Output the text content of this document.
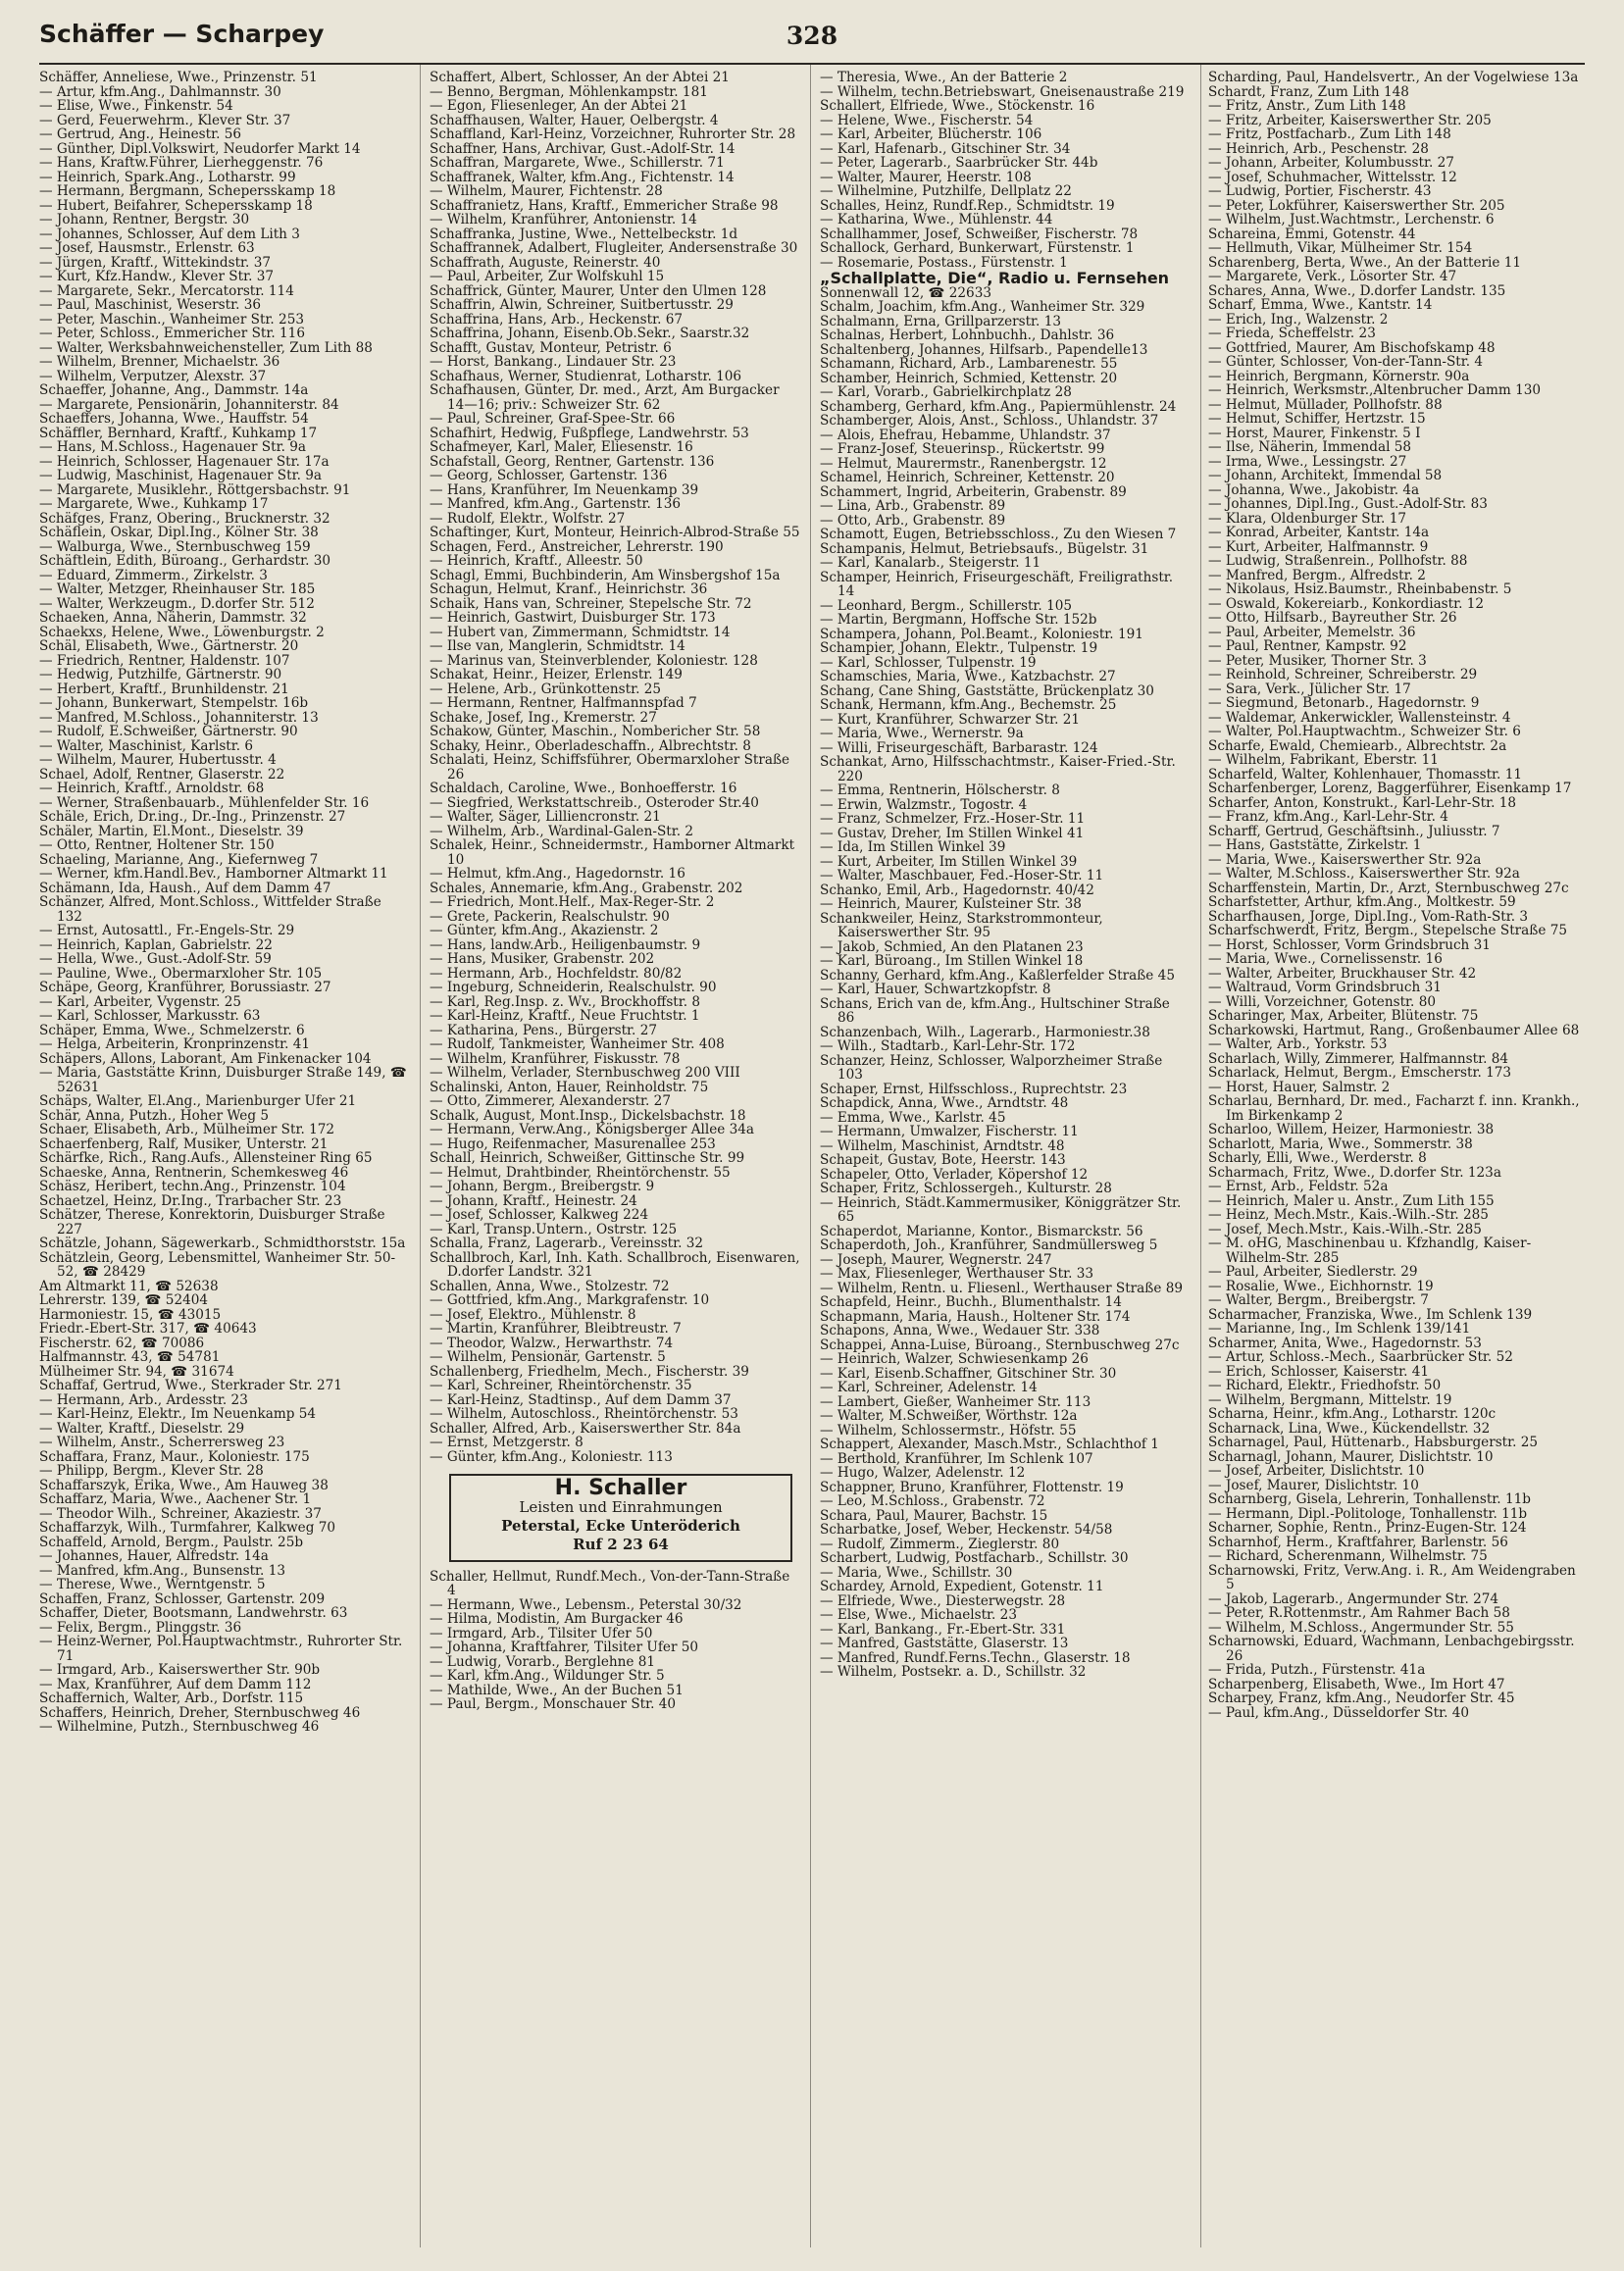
Schäffer — Scharpey	328

Schäffer, Anneliese, Wwe., Prinzenstr. 51

— Artur, kfm.Ang., Dahlmannstr. 30

— Elise, Wwe., Finkenstr. 54

— Gerd, Feuerwehrm., Klever Str. 37

— Gertrud, Ang., Heinestr. 56

— Günther, Dipl.Volkswirt, Neudorfer Markt 14

— Hans, Kraftw.Führer, Lierheggenstr. 76

— Heinrich, Spark.Ang., Lotharstr. 99

— Hermann, Bergmann, Schepersskamp 18

— Hubert, Beifahrer, Schepersskamp 18

— Johann, Rentner, Bergstr. 30

— Johannes, Schlosser, Auf dem Lith 3

— Josef, Hausmstr., Erlenstr. 63

— Jürgen, Kraftf., Wittekindstr. 37

— Kurt, Kfz.Handw., Klever Str. 37

— Margarete, Sekr., Mercatorstr. 114

— Paul, Maschinist, Weserstr. 36

— Peter, Maschin., Wanheimer Str. 253

— Peter, Schloss., Emmericher Str. 116

— Walter, Werksbahnweichensteller, Zum Lith 88

— Wilhelm, Brenner, Michaelstr. 36

— Wilhelm, Verputzer, Alexstr. 37

Schaeffer, Johanne, Ang., Dammstr. 14a

— Margarete, Pensionärin, Johanniterstr. 84

Schaeffers, Johanna, Wwe., Hauffstr. 54

Schäffler, Bernhard, Kraftf., Kuhkamp 17

— Hans, M.Schloss., Hagenauer Str. 9a

— Heinrich, Schlosser, Hagenauer Str. 17a

— Ludwig, Maschinist, Hagenauer Str. 9a

— Margarete, Musiklehr., Röttgersbachstr. 91

— Margarete, Wwe., Kuhkamp 17

Schäfges, Franz, Obering., Brucknerstr. 32

Schäflein, Oskar, Dipl.Ing., Kölner Str. 38

— Walburga, Wwe., Sternbuschweg 159

Schäftlein, Edith, Büroang., Gerhardstr. 30

— Eduard, Zimmerm., Zirkelstr. 3

— Walter, Metzger, Rheinhauser Str. 185

— Walter, Werkzeugm., D.dorfer Str. 512

Schaeken, Anna, Näherin, Dammstr. 32

Schaekxs, Helene, Wwe., Löwenburgstr. 2

Schäl, Elisabeth, Wwe., Gärtnerstr. 20

— Friedrich, Rentner, Haldenstr. 107

— Hedwig, Putzhilfe, Gärtnerstr. 90

— Herbert, Kraftf., Brunhildenstr. 21

— Johann, Bunkerwart, Stempelstr. 16b

— Manfred, M.Schloss., Johanniterstr. 13

— Rudolf, E.Schweißer, Gärtnerstr. 90

— Walter, Maschinist, Karlstr. 6

— Wilhelm, Maurer, Hubertusstr. 4

Schael, Adolf, Rentner, Glaserstr. 22

— Heinrich, Kraftf., Arnoldstr. 68

— Werner, Straßenbauarb., Mühlenfelder Str. 16

Schäle, Erich, Dr.ing., Dr.-Ing., Prinzenstr. 27

Schäler, Martin, El.Mont., Dieselstr. 39

— Otto, Rentner, Holtener Str. 150

Schaeling, Marianne, Ang., Kiefernweg 7

— Werner, kfm.Handl.Bev., Hamborner Altmarkt 11

Schämann, Ida, Haush., Auf dem Damm 47

Schänzer, Alfred, Mont.Schloss., Wittfelder Straße 132

— Ernst, Autosattl., Fr.-Engels-Str. 29

— Heinrich, Kaplan, Gabrielstr. 22

— Hella, Wwe., Gust.-Adolf-Str. 59

— Pauline, Wwe., Obermarxloher Str. 105

Schäpe, Georg, Kranführer, Borussiastr. 27

— Karl, Arbeiter, Vygenstr. 25

— Karl, Schlosser, Markusstr. 63

Schäper, Emma, Wwe., Schmelzerstr. 6

— Helga, Arbeiterin, Kronprinzenstr. 41

Schäpers, Allons, Laborant, Am Finkenacker 104

— Maria, Gaststätte Krinn, Duisburger Straße 149, ☎ 52631

Schäps, Walter, El.Ang., Marienburger Ufer 21

Schär, Anna, Putzh., Hoher Weg 5

Schaer, Elisabeth, Arb., Mülheimer Str. 172

Schaerfenberg, Ralf, Musiker, Unterstr. 21

Schärfke, Rich., Rang.Aufs., Allensteiner Ring 65

Schaeske, Anna, Rentnerin, Schemkesweg 46

Schäsz, Heribert, techn.Ang., Prinzenstr. 104

Schaetzel, Heinz, Dr.Ing., Trarbacher Str. 23

Schätzer, Therese, Konrektorin, Duisburger Straße 227

Schätzle, Johann, Sägewerkarb., Schmidthorststr. 15a

Schätzlein, Georg, Lebensmittel, Wanheimer Str. 50-52, ☎ 28429

Am Altmarkt 11, ☎ 52638

Lehrerstr. 139, ☎ 52404

Harmoniestr. 15, ☎ 43015

Friedr.-Ebert-Str. 317, ☎ 40643

Fischerstr. 62, ☎ 70086

Halfmannstr. 43, ☎ 54781

Mülheimer Str. 94, ☎ 31674

Schaffaf, Gertrud, Wwe., Sterkrader Str. 271

— Hermann, Arb., Ardesstr. 23

— Karl-Heinz, Elektr., Im Neuenkamp 54

— Walter, Kraftf., Dieselstr. 29

— Wilhelm, Anstr., Scherrersweg 23

Schaffara, Franz, Maur., Koloniestr. 175

— Philipp, Bergm., Klever Str. 28

Schaffarszyk, Erika, Wwe., Am Hauweg 38

Schaffarz, Maria, Wwe., Aachener Str. 1

— Theodor Wilh., Schreiner, Akaziestr. 37

Schaffarzyk, Wilh., Turmfahrer, Kalkweg 70

Schaffeld, Arnold, Bergm., Paulstr. 25b

— Johannes, Hauer, Alfredstr. 14a

— Manfred, kfm.Ang., Bunsenstr. 13

— Therese, Wwe., Werntgenstr. 5

Schaffen, Franz, Schlosser, Gartenstr. 209

Schaffer, Dieter, Bootsmann, Landwehrstr. 63

— Felix, Bergm., Plinggstr. 36

— Heinz-Werner, Pol.Hauptwachtmstr., Ruhrorter Str. 71

— Irmgard, Arb., Kaiserswerther Str. 90b

— Max, Kranführer, Auf dem Damm 112

Schaffernich, Walter, Arb., Dorfstr. 115

Schaffers, Heinrich, Dreher, Sternbuschweg 46

— Wilhelmine, Putzh., Sternbuschweg 46

Schaffert, Albert, Schlosser, An der Abtei 21

— Benno, Bergman, Möhlenkampstr. 181

— Egon, Fliesenleger, An der Abtei 21

Schaffhausen, Walter, Hauer, Oelbergstr. 4

Schaffland, Karl-Heinz, Vorzeichner, Ruhrorter Str. 28

Schaffner, Hans, Archivar, Gust.-Adolf-Str. 14

Schaffran, Margarete, Wwe., Schillerstr. 71

Schaffranek, Walter, kfm.Ang., Fichtenstr. 14

— Wilhelm, Maurer, Fichtenstr. 28

Schaffranietz, Hans, Kraftf., Emmericher Straße 98

— Wilhelm, Kranführer, Antonienstr. 14

Schaffranka, Justine, Wwe., Nettelbeckstr. 1d

Schaffrannek, Adalbert, Flugleiter, Andersenstraße 30

Schaffrath, Auguste, Reinerstr. 40

— Paul, Arbeiter, Zur Wolfskuhl 15

Schaffrick, Günter, Maurer, Unter den Ulmen 128

Schaffrin, Alwin, Schreiner, Suitbertusstr. 29

Schaffrina, Hans, Arb., Heckenstr. 67

Schaffrina, Johann, Eisenb.Ob.Sekr., Saarstr.32

Schafft, Gustav, Monteur, Petristr. 6

— Horst, Bankang., Lindauer Str. 23

Schafhaus, Werner, Studienrat, Lotharstr. 106

Schafhausen, Günter, Dr. med., Arzt, Am Burgacker 14—16; priv.: Schweizer Str. 62

— Paul, Schreiner, Graf-Spee-Str. 66

Schafhirt, Hedwig, Fußpflege, Landwehrstr. 53

Schafmeyer, Karl, Maler, Eliesenstr. 16

Schafstall, Georg, Rentner, Gartenstr. 136

— Georg, Schlosser, Gartenstr. 136

— Hans, Kranführer, Im Neuenkamp 39

— Manfred, kfm.Ang., Gartenstr. 136

— Rudolf, Elektr., Wolfstr. 27

Schaftinger, Kurt, Monteur, Heinrich-Albrod-Straße 55

Schagen, Ferd., Anstreicher, Lehrerstr. 190

— Heinrich, Kraftf., Alleestr. 50

Schagl, Emmi, Buchbinderin, Am Winsbergshof 15a

Schagun, Helmut, Kranf., Heinrichstr. 36

Schaik, Hans van, Schreiner, Stepelsche Str. 72

— Heinrich, Gastwirt, Duisburger Str. 173

— Hubert van, Zimmermann, Schmidtstr. 14

— Ilse van, Manglerin, Schmidtstr. 14

— Marinus van, Steinverblender, Koloniestr. 128

Schakat, Heinr., Heizer, Erlenstr. 149

— Helene, Arb., Grünkottenstr. 25

— Hermann, Rentner, Halfmannspfad 7

Schake, Josef, Ing., Kremerstr. 27

Schakow, Günter, Maschin., Nombericher Str. 58

Schaky, Heinr., Oberladeschaffn., Albrechtstr. 8

Schalati, Heinz, Schiffsführer, Obermarxloher Straße 26

Schaldach, Caroline, Wwe., Bonhoefferstr. 16

— Siegfried, Werkstattschreib., Osteroder Str.40

— Walter, Säger, Lilliencronstr. 21

— Wilhelm, Arb., Wardinal-Galen-Str. 2

Schalek, Heinr., Schneidermstr., Hamborner Altmarkt 10

— Helmut, kfm.Ang., Hagedornstr. 16

Schales, Annemarie, kfm.Ang., Grabenstr. 202

— Friedrich, Mont.Helf., Max-Reger-Str. 2

— Grete, Packerin, Realschulstr. 90

— Günter, kfm.Ang., Akazienstr. 2

— Hans, landw.Arb., Heiligenbaumstr. 9

— Hans, Musiker, Grabenstr. 202

— Hermann, Arb., Hochfeldstr. 80/82

— Ingeburg, Schneiderin, Realschulstr. 90

— Karl, Reg.Insp. z. Wv., Brockhoffstr. 8

— Karl-Heinz, Kraftf., Neue Fruchtstr. 1

— Katharina, Pens., Bürgerstr. 27

— Rudolf, Tankmeister, Wanheimer Str. 408

— Wilhelm, Kranführer, Fiskusstr. 78

— Wilhelm, Verlader, Sternbuschweg 200 VIII

Schalinski, Anton, Hauer, Reinholdstr. 75

— Otto, Zimmerer, Alexanderstr. 27

Schalk, August, Mont.Insp., Dickelsbachstr. 18

— Hermann, Verw.Ang., Königsberger Allee 34a

— Hugo, Reifenmacher, Masurenallee 253

Schall, Heinrich, Schweißer, Gittinsche Str. 99

— Helmut, Drahtbinder, Rheintörchenstr. 55

— Johann, Bergm., Breibergstr. 9

— Johann, Kraftf., Heinestr. 24

— Josef, Schlosser, Kalkweg 224

— Karl, Transp.Untern., Ostrstr. 125

Schalla, Franz, Lagerarb., Vereinsstr. 32

Schallbroch, Karl, Inh. Kath. Schallbroch, Eisenwaren, D.dorfer Landstr. 321

Schallen, Anna, Wwe., Stolzestr. 72

— Gottfried, kfm.Ang., Markgrafenstr. 10

— Josef, Elektro., Mühlenstr. 8

— Martin, Kranführer, Bleibtreustr. 7

— Theodor, Walzw., Herwarthstr. 74

— Wilhelm, Pensionär, Gartenstr. 5

Schallenberg, Friedhelm, Mech., Fischerstr. 39

— Karl, Schreiner, Rheintörchenstr. 35

— Karl-Heinz, Stadtinsp., Auf dem Damm 37

— Wilhelm, Autoschloss., Rheintörchenstr. 53

Schaller, Alfred, Arb., Kaiserswerther Str. 84a

— Ernst, Metzgerstr. 8

— Günter, kfm.Ang., Koloniestr. 113

H. Schaller
Leisten und Einrahmungen
Peterstal, Ecke Unteröderich
Ruf 2 23 64

Schaller, Hellmut, Rundf.Mech., Von-der-Tann-Straße 4

— Hermann, Wwe., Lebensm., Peterstal 30/32

— Hilma, Modistin, Am Burgacker 46

— Irmgard, Arb., Tilsiter Ufer 50

— Johanna, Kraftfahrer, Tilsiter Ufer 50

— Ludwig, Vorarb., Berglehne 81

— Karl, kfm.Ang., Wildunger Str. 5

— Mathilde, Wwe., An der Buchen 51

— Paul, Bergm., Monschauer Str. 40

— Theresia, Wwe., An der Batterie 2

— Wilhelm, techn.Betriebswart, Gneisenaustraße 219

Schallert, Elfriede, Wwe., Stöckenstr. 16

— Helene, Wwe., Fischerstr. 54

— Karl, Arbeiter, Blücherstr. 106

— Karl, Hafenarb., Gitschiner Str. 34

— Peter, Lagerarb., Saarbrücker Str. 44b

— Walter, Maurer, Heerstr. 108

— Wilhelmine, Putzhilfe, Dellplatz 22

Schalles, Heinz, Rundf.Rep., Schmidtstr. 19

— Katharina, Wwe., Mühlenstr. 44

Schallhammer, Josef, Schweißer, Fischerstr. 78

Schallock, Gerhard, Bunkerwart, Fürstenstr. 1

— Rosemarie, Postass., Fürstenstr. 1

„Schallplatte, Die“, Radio u. Fernsehen

Sonnenwall 12, ☎ 22633

Schalm, Joachim, kfm.Ang., Wanheimer Str. 329

Schalmann, Erna, Grillparzerstr. 13

Schalnas, Herbert, Lohnbuchh., Dahlstr. 36

Schaltenberg, Johannes, Hilfsarb., Papendelle13

Schamann, Richard, Arb., Lambarenestr. 55

Schamber, Heinrich, Schmied, Kettenstr. 20

— Karl, Vorarb., Gabrielkirchplatz 28

Schamberg, Gerhard, kfm.Ang., Papiermühlenstr. 24

Schamberger, Alois, Anst., Schloss., Uhlandstr. 37

— Alois, Ehefrau, Hebamme, Uhlandstr. 37

— Franz-Josef, Steuerinsp., Rückertstr. 99

— Helmut, Maurermstr., Ranenbergstr. 12

Schamel, Heinrich, Schreiner, Kettenstr. 20

Schammert, Ingrid, Arbeiterin, Grabenstr. 89

— Lina, Arb., Grabenstr. 89

— Otto, Arb., Grabenstr. 89

Schamott, Eugen, Betriebsschloss., Zu den Wiesen 7

Schampanis, Helmut, Betriebsaufs., Bügelstr. 31

— Karl, Kanalarb., Steigerstr. 11

Schamper, Heinrich, Friseurgeschäft, Freiligrathstr. 14

— Leonhard, Bergm., Schillerstr. 105

— Martin, Bergmann, Hoffsche Str. 152b

Schampera, Johann, Pol.Beamt., Koloniestr. 191

Schampier, Johann, Elektr., Tulpenstr. 19

— Karl, Schlosser, Tulpenstr. 19

Schamschies, Maria, Wwe., Katzbachstr. 27

Schang, Cane Shing, Gaststätte, Brückenplatz 30

Schank, Hermann, kfm.Ang., Bechemstr. 25

— Kurt, Kranführer, Schwarzer Str. 21

— Maria, Wwe., Wernerstr. 9a

— Willi, Friseurgeschäft, Barbarastr. 124

Schankat, Arno, Hilfsschachtmstr., Kaiser-Fried.-Str. 220

— Emma, Rentnerin, Hölscherstr. 8

— Erwin, Walzmstr., Togostr. 4

— Franz, Schmelzer, Frz.-Hoser-Str. 11

— Gustav, Dreher, Im Stillen Winkel 41

— Ida, Im Stillen Winkel 39

— Kurt, Arbeiter, Im Stillen Winkel 39

— Walter, Maschbauer, Fed.-Hoser-Str. 11

Schanko, Emil, Arb., Hagedornstr. 40/42

— Heinrich, Maurer, Kulsteiner Str. 38

Schankweiler, Heinz, Starkstrommonteur, Kaiserswerther Str. 95

— Jakob, Schmied, An den Platanen 23

— Karl, Büroang., Im Stillen Winkel 18

Schanny, Gerhard, kfm.Ang., Kaßlerfelder Straße 45

— Karl, Hauer, Schwartzkopfstr. 8

Schans, Erich van de, kfm.Ang., Hultschiner Straße 86

Schanzenbach, Wilh., Lagerarb., Harmoniestr.38

— Wilh., Stadtarb., Karl-Lehr-Str. 172

Schanzer, Heinz, Schlosser, Walporzheimer Straße 103

Schaper, Ernst, Hilfsschloss., Ruprechtstr. 23

Schapdick, Anna, Wwe., Arndtstr. 48

— Emma, Wwe., Karlstr. 45

— Hermann, Umwalzer, Fischerstr. 11

— Wilhelm, Maschinist, Arndtstr. 48

Schapeit, Gustav, Bote, Heerstr. 143

Schapeler, Otto, Verlader, Köpershof 12

Schaper, Fritz, Schlossergeh., Kulturstr. 28

— Heinrich, Städt.Kammermusiker, Königgrätzer Str. 65

Schaperdot, Marianne, Kontor., Bismarckstr. 56

Schaperdoth, Joh., Kranführer, Sandmüllersweg 5

— Joseph, Maurer, Wegnerstr. 247

— Max, Fliesenleger, Werthauser Str. 33

— Wilhelm, Rentn. u. Fliesenl., Werthauser Straße 89

Schapfeld, Heinr., Buchh., Blumenthalstr. 14

Schapmann, Maria, Haush., Holtener Str. 174

Schapons, Anna, Wwe., Wedauer Str. 338

Schappei, Anna-Luise, Büroang., Sternbuschweg 27c

— Heinrich, Walzer, Schwiesenkamp 26

— Karl, Eisenb.Schaffner, Gitschiner Str. 30

— Karl, Schreiner, Adelenstr. 14

— Lambert, Gießer, Wanheimer Str. 113

— Walter, M.Schweißer, Wörthstr. 12a

— Wilhelm, Schlossermstr., Höfstr. 55

Schappert, Alexander, Masch.Mstr., Schlachthof 1

— Berthold, Kranführer, Im Schlenk 107

— Hugo, Walzer, Adelenstr. 12

Schappner, Bruno, Kranführer, Flottenstr. 19

— Leo, M.Schloss., Grabenstr. 72

Schara, Paul, Maurer, Bachstr. 15

Scharbatke, Josef, Weber, Heckenstr. 54/58

— Rudolf, Zimmerm., Zieglerstr. 80

Scharbert, Ludwig, Postfacharb., Schillstr. 30

— Maria, Wwe., Schillstr. 30

Schardey, Arnold, Expedient, Gotenstr. 11

— Elfriede, Wwe., Diesterwegstr. 28

— Else, Wwe., Michaelstr. 23

— Karl, Bankang., Fr.-Ebert-Str. 331

— Manfred, Gaststätte, Glaserstr. 13

— Manfred, Rundf.Ferns.Techn., Glaserstr. 18

— Wilhelm, Postsekr. a. D., Schillstr. 32

Scharding, Paul, Handelsvertr., An der Vogelwiese 13a

Schardt, Franz, Zum Lith 148

— Fritz, Anstr., Zum Lith 148

— Fritz, Arbeiter, Kaiserswerther Str. 205

— Fritz, Postfacharb., Zum Lith 148

— Heinrich, Arb., Peschenstr. 28

— Johann, Arbeiter, Kolumbusstr. 27

— Josef, Schuhmacher, Wittelsstr. 12

— Ludwig, Portier, Fischerstr. 43

— Peter, Lokführer, Kaiserswerther Str. 205

— Wilhelm, Just.Wachtmstr., Lerchenstr. 6

Schareina, Emmi, Gotenstr. 44

— Hellmuth, Vikar, Mülheimer Str. 154

Scharenberg, Berta, Wwe., An der Batterie 11

— Margarete, Verk., Lösorter Str. 47

Schares, Anna, Wwe., D.dorfer Landstr. 135

Scharf, Emma, Wwe., Kantstr. 14

— Erich, Ing., Walzenstr. 2

— Frieda, Scheffelstr. 23

— Gottfried, Maurer, Am Bischofskamp 48

— Günter, Schlosser, Von-der-Tann-Str. 4

— Heinrich, Bergmann, Körnerstr. 90a

— Heinrich, Werksmstr.,Altenbrucher Damm 130

— Helmut, Müllader, Pollhofstr. 88

— Helmut, Schiffer, Hertzstr. 15

— Horst, Maurer, Finkenstr. 5 I

— Ilse, Näherin, Immendal 58

— Irma, Wwe., Lessingstr. 27

— Johann, Architekt, Immendal 58

— Johanna, Wwe., Jakobistr. 4a

— Johannes, Dipl.Ing., Gust.-Adolf-Str. 83

— Klara, Oldenburger Str. 17

— Konrad, Arbeiter, Kantstr. 14a

— Kurt, Arbeiter, Halfmannstr. 9

— Ludwig, Straßenrein., Pollhofstr. 88

— Manfred, Bergm., Alfredstr. 2

— Nikolaus, Hsiz.Baumstr., Rheinbabenstr. 5

— Oswald, Kokereiarb., Konkordiastr. 12

— Otto, Hilfsarb., Bayreuther Str. 26

— Paul, Arbeiter, Memelstr. 36

— Paul, Rentner, Kampstr. 92

— Peter, Musiker, Thorner Str. 3

— Reinhold, Schreiner, Schreiberstr. 29

— Sara, Verk., Jülicher Str. 17

— Siegmund, Betonarb., Hagedornstr. 9

— Waldemar, Ankerwickler, Wallensteinstr. 4

— Walter, Pol.Hauptwachtm., Schweizer Str. 6

Scharfe, Ewald, Chemiearb., Albrechtstr. 2a

— Wilhelm, Fabrikant, Eberstr. 11

Scharfeld, Walter, Kohlenhauer, Thomasstr. 11

Scharfenberger, Lorenz, Baggerführer, Eisenkamp 17

Scharfer, Anton, Konstrukt., Karl-Lehr-Str. 18

— Franz, kfm.Ang., Karl-Lehr-Str. 4

Scharff, Gertrud, Geschäftsinh., Juliusstr. 7

— Hans, Gaststätte, Zirkelstr. 1

— Maria, Wwe., Kaiserswerther Str. 92a

— Walter, M.Schloss., Kaiserswerther Str. 92a

Scharffenstein, Martin, Dr., Arzt, Sternbuschweg 27c

Scharfstetter, Arthur, kfm.Ang., Moltkestr. 59

Scharfhausen, Jorge, Dipl.Ing., Vom-Rath-Str. 3

Scharfschwerdt, Fritz, Bergm., Stepelsche Straße 75

— Horst, Schlosser, Vorm Grindsbruch 31

— Maria, Wwe., Cornelissenstr. 16

— Walter, Arbeiter, Bruckhauser Str. 42

— Waltraud, Vorm Grindsbruch 31

— Willi, Vorzeichner, Gotenstr. 80

Scharinger, Max, Arbeiter, Blütenstr. 75

Scharkowski, Hartmut, Rang., Großenbaumer Allee 68

— Walter, Arb., Yorkstr. 53

Scharlach, Willy, Zimmerer, Halfmannstr. 84

Scharlack, Helmut, Bergm., Emscherstr. 173

— Horst, Hauer, Salmstr. 2

Scharlau, Bernhard, Dr. med., Facharzt f. inn. Krankh., Im Birkenkamp 2

Scharloo, Willem, Heizer, Harmoniestr. 38

Scharlott, Maria, Wwe., Sommerstr. 38

Scharly, Elli, Wwe., Werderstr. 8

Scharmach, Fritz, Wwe., D.dorfer Str. 123a

— Ernst, Arb., Feldstr. 52a

— Heinrich, Maler u. Anstr., Zum Lith 155

— Heinz, Mech.Mstr., Kais.-Wilh.-Str. 285

— Josef, Mech.Mstr., Kais.-Wilh.-Str. 285

— M. oHG, Maschinenbau u. Kfzhandlg, Kaiser-Wilhelm-Str. 285

— Paul, Arbeiter, Siedlerstr. 29

— Rosalie, Wwe., Eichhornstr. 19

— Walter, Bergm., Breibergstr. 7

Scharmacher, Franziska, Wwe., Im Schlenk 139

— Marianne, Ing., Im Schlenk 139/141

Scharmer, Anita, Wwe., Hagedornstr. 53

— Artur, Schloss.-Mech., Saarbrücker Str. 52

— Erich, Schlosser, Kaiserstr. 41

— Richard, Elektr., Friedhofstr. 50

— Wilhelm, Bergmann, Mittelstr. 19

Scharna, Heinr., kfm.Ang., Lotharstr. 120c

Scharnack, Lina, Wwe., Kückendellstr. 32

Scharnagel, Paul, Hüttenarb., Habsburgerstr. 25

Scharnagl, Johann, Maurer, Dislichtstr. 10

— Josef, Arbeiter, Dislichtstr. 10

— Josef, Maurer, Dislichtstr. 10

Scharnberg, Gisela, Lehrerin, Tonhallenstr. 11b

— Hermann, Dipl.-Politologe, Tonhallenstr. 11b

Scharner, Sophie, Rentn., Prinz-Eugen-Str. 124

Scharnhof, Herm., Kraftfahrer, Barlenstr. 56

— Richard, Scherenmann, Wilhelmstr. 75

Scharnowski, Fritz, Verw.Ang. i. R., Am Weidengraben 5

— Jakob, Lagerarb., Angermunder Str. 274

— Peter, R.Rottenmstr., Am Rahmer Bach 58

— Wilhelm, M.Schloss., Angermunder Str. 55

Scharnowski, Eduard, Wachmann, Lenbachgebirgsstr. 26

— Frida, Putzh., Fürstenstr. 41a

Scharpenberg, Elisabeth, Wwe., Im Hort 47

Scharpey, Franz, kfm.Ang., Neudorfer Str. 45

— Paul, kfm.Ang., Düsseldorfer Str. 40
